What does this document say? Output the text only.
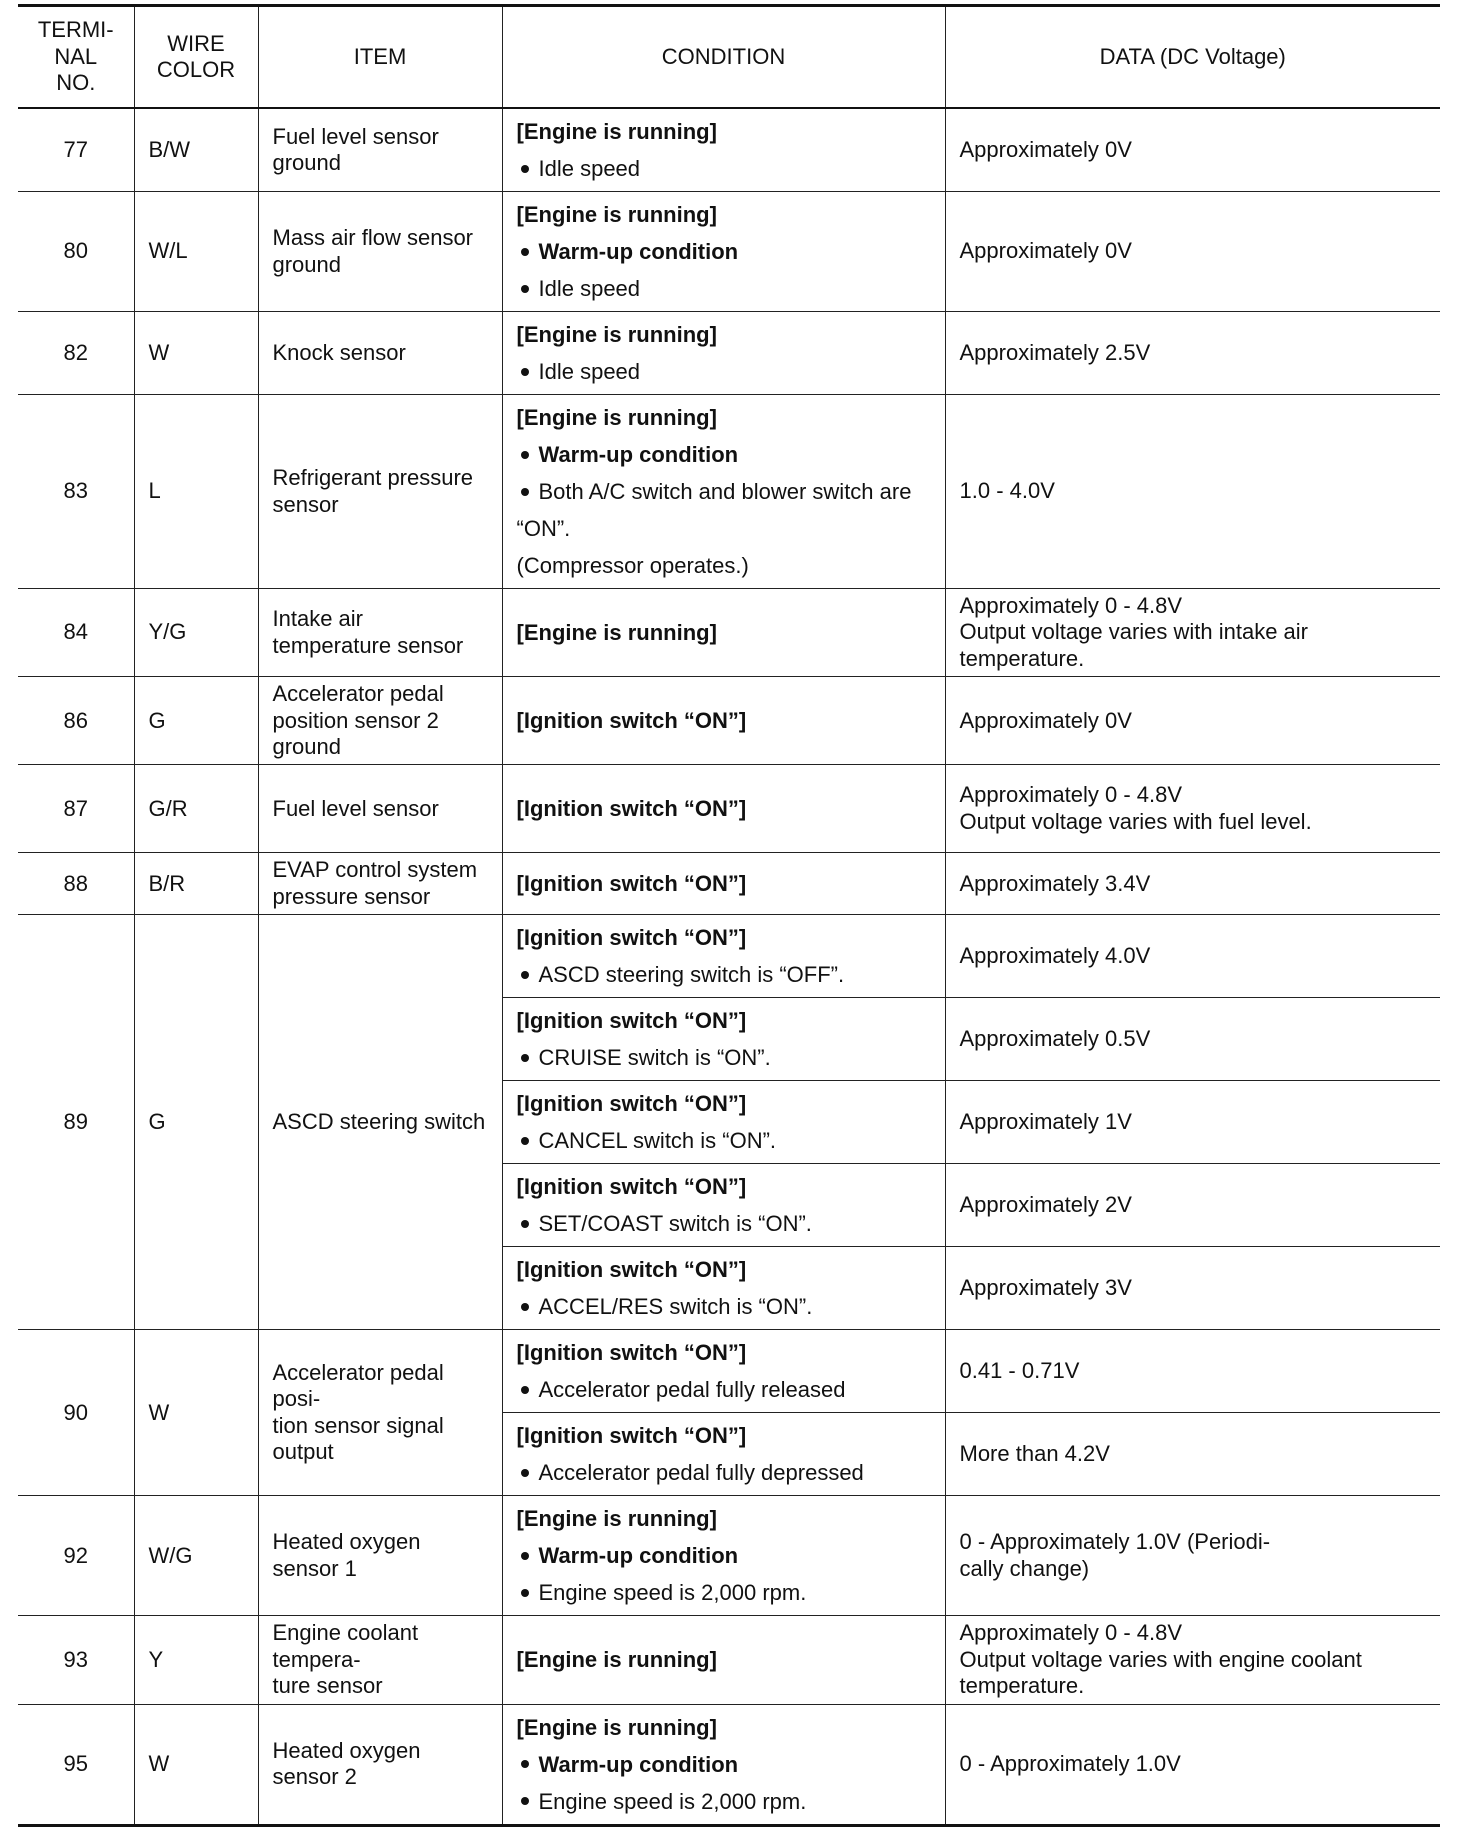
TERMI-
NAL
NO.	WIRE
COLOR	ITEM	CONDITION	DATA (DC Voltage)
77	B/W	Fuel level sensor ground	[Engine is running]
Idle speed	Approximately 0V
80	W/L	Mass air flow sensor ground	[Engine is running]
Warm-up condition
Idle speed	Approximately 0V
82	W	Knock sensor	[Engine is running]
Idle speed	Approximately 2.5V
83	L	Refrigerant pressure sensor	[Engine is running]
Warm-up condition
Both A/C switch and blower switch are “ON”.
(Compressor operates.)	1.0 - 4.0V
84	Y/G	Intake air temperature sensor	[Engine is running]	Approximately 0 - 4.8V
Output voltage varies with intake air temperature.
86	G	Accelerator pedal position sensor 2 ground	[Ignition switch “ON”]	Approximately 0V
87	G/R	Fuel level sensor	[Ignition switch “ON”]	Approximately 0 - 4.8V
Output voltage varies with fuel level.
88	B/R	EVAP control system pressure sensor	[Ignition switch “ON”]	Approximately 3.4V
89	G	ASCD steering switch	[Ignition switch “ON”]
ASCD steering switch is “OFF”.	Approximately 4.0V

			[Ignition switch “ON”]
CRUISE switch is “ON”.	Approximately 0.5V

			[Ignition switch “ON”]
CANCEL switch is “ON”.	Approximately 1V

			[Ignition switch “ON”]
SET/COAST switch is “ON”.	Approximately 2V

			[Ignition switch “ON”]
ACCEL/RES switch is “ON”.	Approximately 3V
90	W	Accelerator pedal posi-
tion sensor signal output	[Ignition switch “ON”]
Accelerator pedal fully released	0.41 - 0.71V

			[Ignition switch “ON”]
Accelerator pedal fully depressed	More than 4.2V
92	W/G	Heated oxygen sensor 1	[Engine is running]
Warm-up condition
Engine speed is 2,000 rpm.	0 - Approximately 1.0V (Periodi-
cally change)
93	Y	Engine coolant tempera-
ture sensor	[Engine is running]	Approximately 0 - 4.8V
Output voltage varies with engine coolant temperature.
95	W	Heated oxygen sensor 2	[Engine is running]
Warm-up condition
Engine speed is 2,000 rpm.	0 - Approximately 1.0V
